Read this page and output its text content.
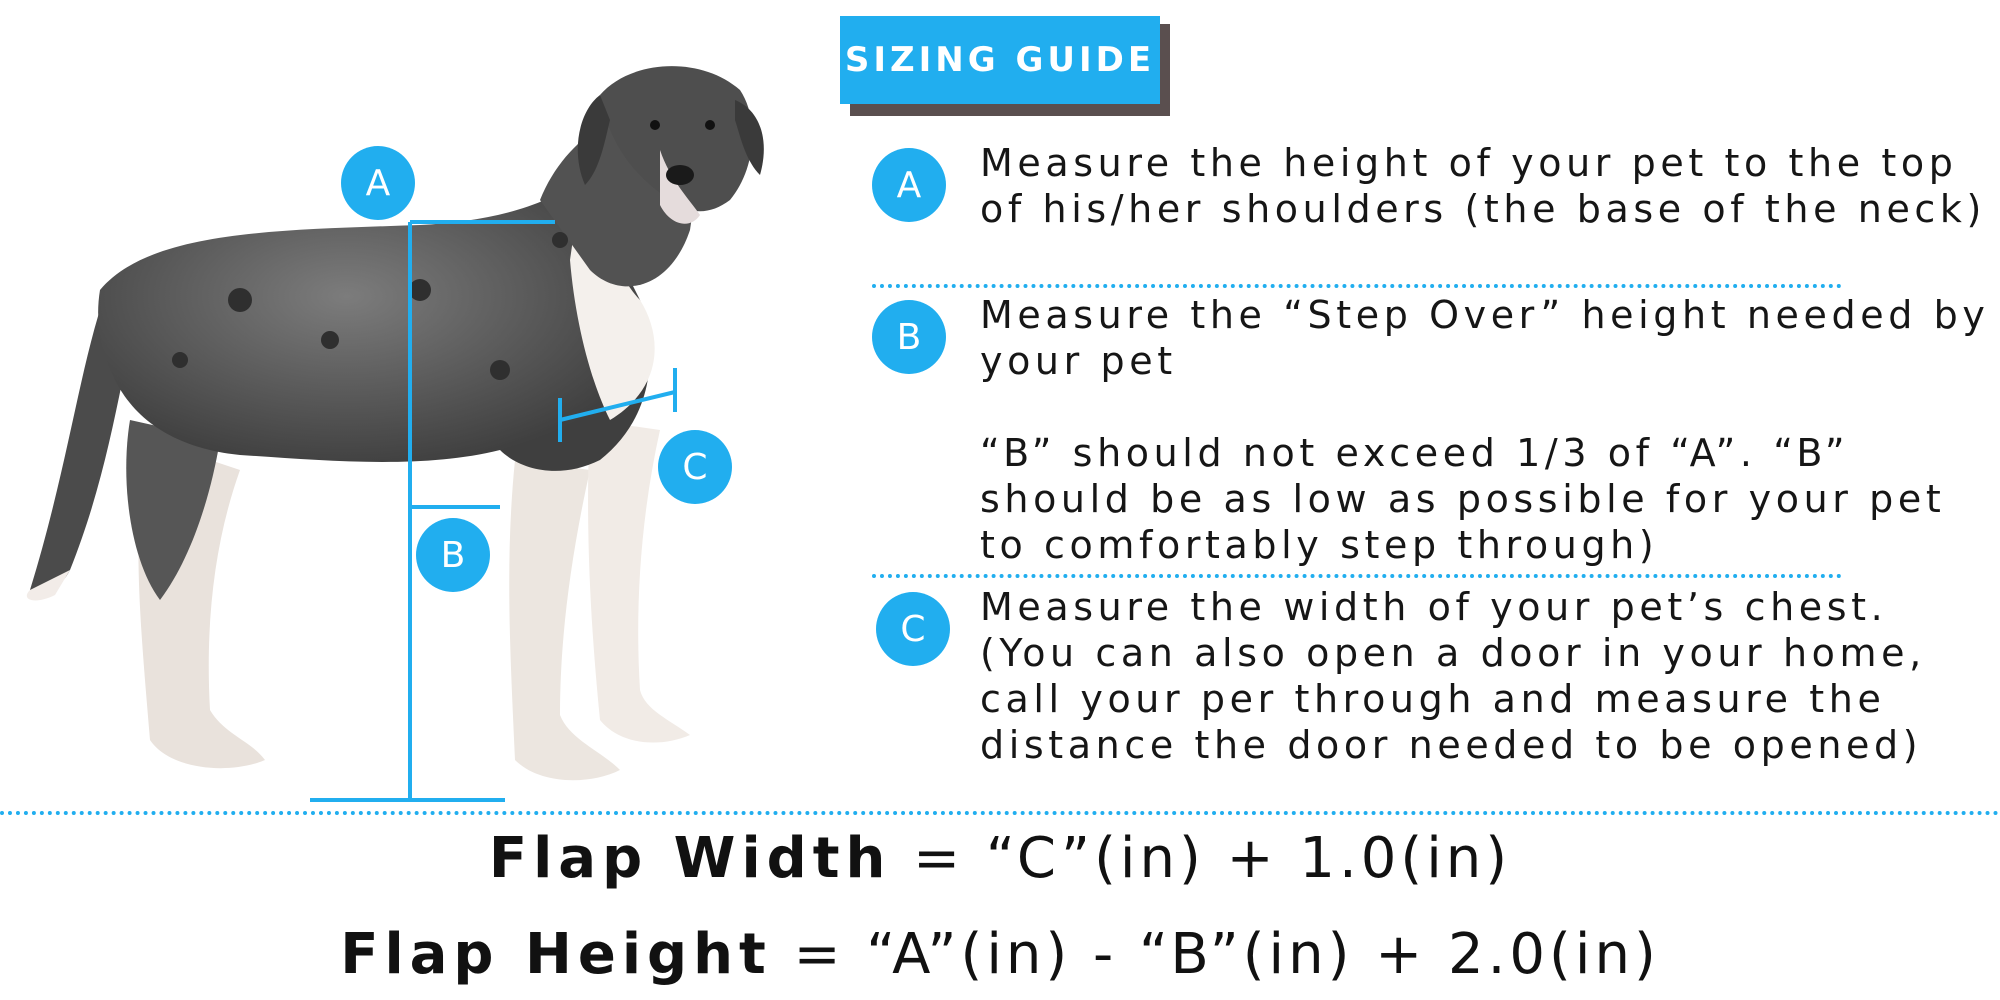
A
B
C
SIZING GUIDE
A	Measure the height of your pet to the top of his/her shoulders (the base of the neck)

B	Measure the “Step Over” height needed by your pet

“B” should not exceed 1/3 of “A”. “B” should be as low as possible for your pet to comfortably step through)

C	Measure the width of your pet’s chest. (You can also open a door in your home, call your per through and measure the distance the door needed to be opened)

Flap Width = “C”(in) + 1.0(in)
Flap Height = “A”(in) - “B”(in) + 2.0(in)
